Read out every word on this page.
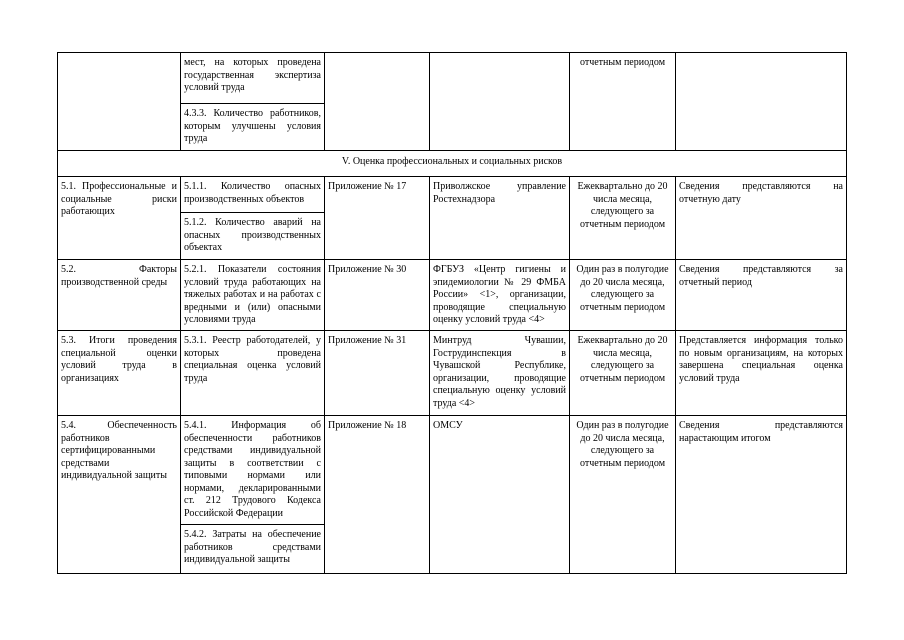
	мест, на которых проведена государственная экспертиза условий труда			отчетным периодом	
	4.3.3. Количество работников, которым улучшены условия труда				
V. Оценка профессиональных и социальных рисков					
5.1. Профессиональные и социальные риски работающих	5.1.1. Количество опасных производственных объектов	Приложение № 17	Приволжское управление Ростехнадзора	Ежеквартально до 20 числа месяца, следующего за отчетным периодом	Сведения представляются на отчетную дату
	5.1.2. Количество аварий на опасных производственных объектах				
5.2. Факторы производственной среды	5.2.1. Показатели состояния условий труда работающих на тяжелых работах и на работах с вредными и (или) опасными условиями труда	Приложение № 30	ФГБУЗ «Центр гигиены и эпидемиологии № 29 ФМБА России» <1>, организации, проводящие специальную оценку условий труда <4>	Один раз в полугодие до 20 числа месяца, следующего за отчетным периодом	Сведения представляются за отчетный период
5.3. Итоги проведения специальной оценки условий труда в организациях	5.3.1. Реестр работодателей, у которых проведена специальная оценка условий труда	Приложение № 31	Минтруд Чувашии, Гострудинспекция в Чувашской Республике, организации, проводящие специальную оценку условий труда <4>	Ежеквартально до 20 числа месяца, следующего за отчетным периодом	Представляется информация только по новым организациям, на которых завершена специальная оценка условий труда
5.4. Обеспеченность работников сертифицированными средствами индивидуальной защиты	5.4.1. Информация об обеспеченности работников средствами индивидуальной защиты в соответствии с типовыми нормами или нормами, декларированными ст. 212 Трудового Кодекса Российской Федерации	Приложение № 18	ОМСУ	Один раз в полугодие до 20 числа месяца, следующего за отчетным периодом	Сведения представляются нарастающим итогом
	5.4.2. Затраты на обеспечение работников средствами индивидуальной защиты				
